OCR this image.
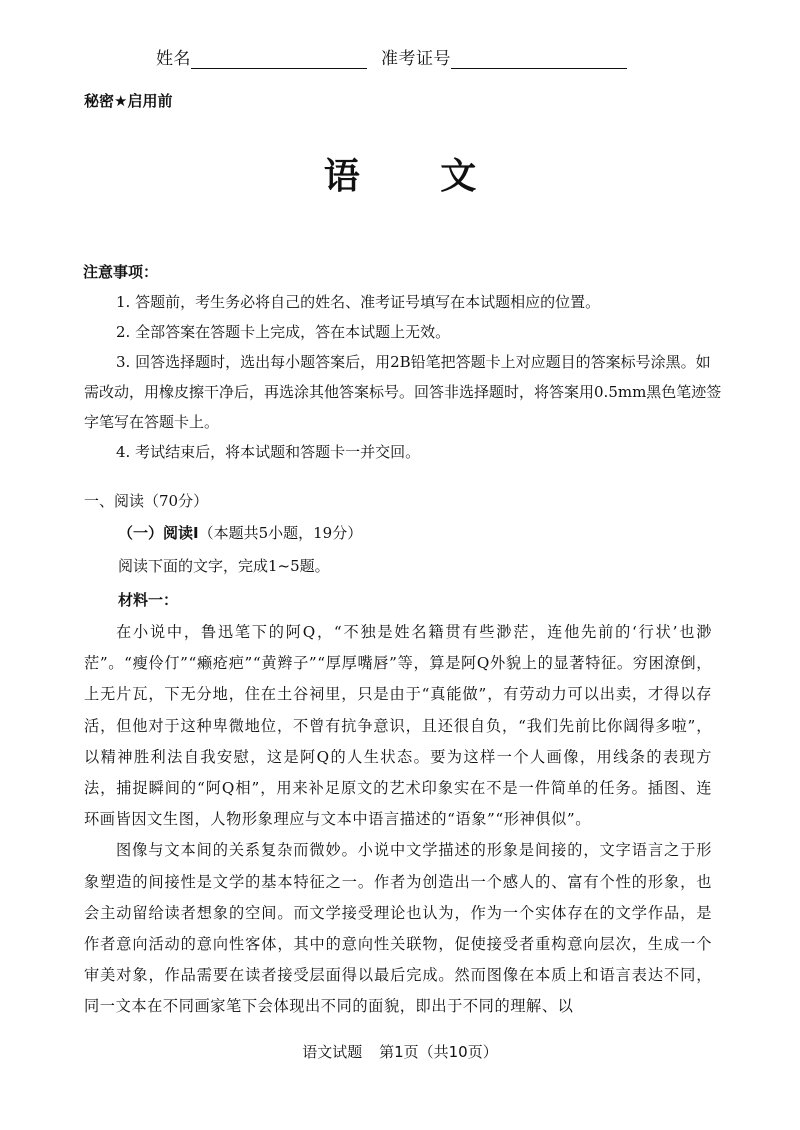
姓名	准考证号
秘密★启用前
语 文
注意事项：

1. 答题前，考生务必将自己的姓名、准考证号填写在本试题相应的位置。

2. 全部答案在答题卡上完成，答在本试题上无效。

3. 回答选择题时，选出每小题答案后，用2B铅笔把答题卡上对应题目的答案标号涂黑。如需改动，用橡皮擦干净后，再选涂其他答案标号。回答非选择题时，将答案用0.5mm黑色笔迹签字笔写在答题卡上。

4. 考试结束后，将本试题和答题卡一并交回。

一、阅读（70分）
（一）阅读Ⅰ（本题共5小题，19分）
阅读下面的文字，完成1~5题。
材料一：

在小说中，鲁迅笔下的阿Q，“不独是姓名籍贯有些渺茫，连他先前的‘行状’也渺茫”。“瘦伶仃”“癞疮疤”“黄辫子”“厚厚嘴唇”等，算是阿Q外貌上的显著特征。穷困潦倒，上无片瓦，下无分地，住在土谷祠里，只是由于“真能做”，有劳动力可以出卖，才得以存活，但他对于这种卑微地位，不曾有抗争意识，且还很自负，“我们先前比你阔得多啦”，以精神胜利法自我安慰，这是阿Q的人生状态。要为这样一个人画像，用线条的表现方法，捕捉瞬间的“阿Q相”，用来补足原文的艺术印象实在不是一件简单的任务。插图、连环画皆因文生图，人物形象理应与文本中语言描述的“语象”“形神俱似”。

图像与文本间的关系复杂而微妙。小说中文学描述的形象是间接的，文字语言之于形象塑造的间接性是文学的基本特征之一。作者为创造出一个感人的、富有个性的形象，也会主动留给读者想象的空间。而文学接受理论也认为，作为一个实体存在的文学作品，是作者意向活动的意向性客体，其中的意向性关联物，促使接受者重构意向层次，生成一个审美对象，作品需要在读者接受层面得以最后完成。然而图像在本质上和语言表达不同，同一文本在不同画家笔下会体现出不同的面貌，即出于不同的理解、以

语文试题 第1页（共10页）
